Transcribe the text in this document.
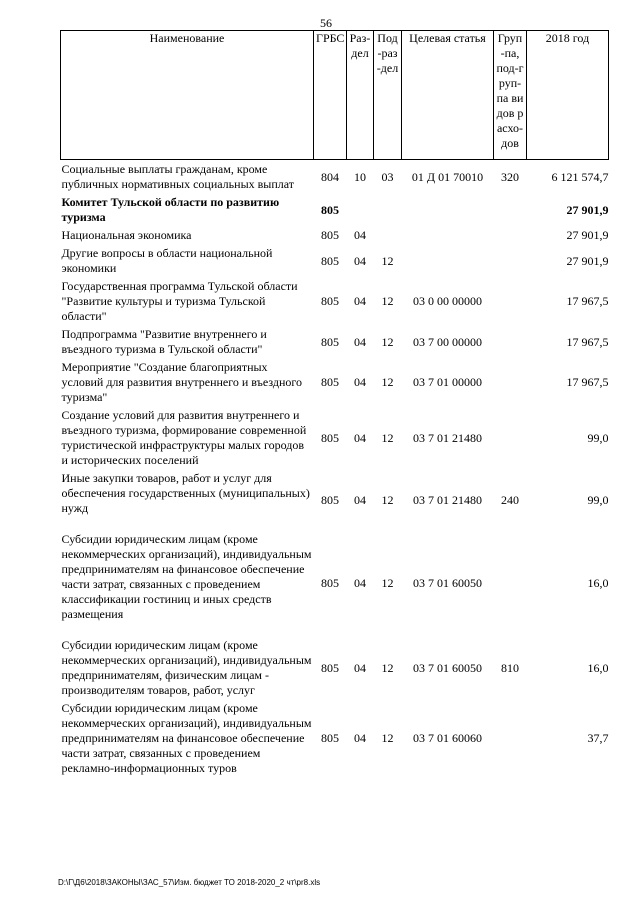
56
Наименование	ГРБС	Раз-дел	Под-раз-дел	Целевая статья	Груп-па, под-груп-па видов расхо-дов	2018 год
Социальные выплаты гражданам, кроме публичных нормативных социальных выплат	804	10	03	01 Д 01 70010	320	6 121 574,7
Комитет Тульской области по развитию туризма	805					27 901,9
Национальная экономика	805	04				27 901,9
Другие вопросы в области национальной экономики	805	04	12			27 901,9
Государственная программа Тульской области "Развитие культуры и туризма Тульской области"	805	04	12	03 0 00 00000		17 967,5
Подпрограмма "Развитие внутреннего и въездного туризма в Тульской области"	805	04	12	03 7 00 00000		17 967,5
Мероприятие "Создание благоприятных условий для развития внутреннего и въездного туризма"	805	04	12	03 7 01 00000		17 967,5
Создание условий для развития внутреннего и въездного туризма, формирование современной туристической инфраструктуры малых городов и исторических поселений	805	04	12	03 7 01 21480		99,0
Иные закупки товаров, работ и услуг для обеспечения государственных (муниципальных) нужд	805	04	12	03 7 01 21480	240	99,0
Субсидии юридическим лицам (кроме некоммерческих организаций), индивидуальным предпринимателям на финансовое обеспечение части затрат, связанных с проведением классификации гостиниц и иных средств размещения	805	04	12	03 7 01 60050		16,0
Субсидии юридическим лицам (кроме некоммерческих организаций), индивидуальным предпринимателям, физическим лицам - производителям товаров, работ, услуг	805	04	12	03 7 01 60050	810	16,0
Субсидии юридическим лицам (кроме некоммерческих организаций), индивидуальным предпринимателям на финансовое обеспечение части затрат, связанных с проведением рекламно-информационных туров	805	04	12	03 7 01 60060		37,7
D:\Г\Д6\2018\ЗАКОНЫ\ЗАС_57\Изм. бюджет ТО 2018-2020_2 чт\pr8.xls
